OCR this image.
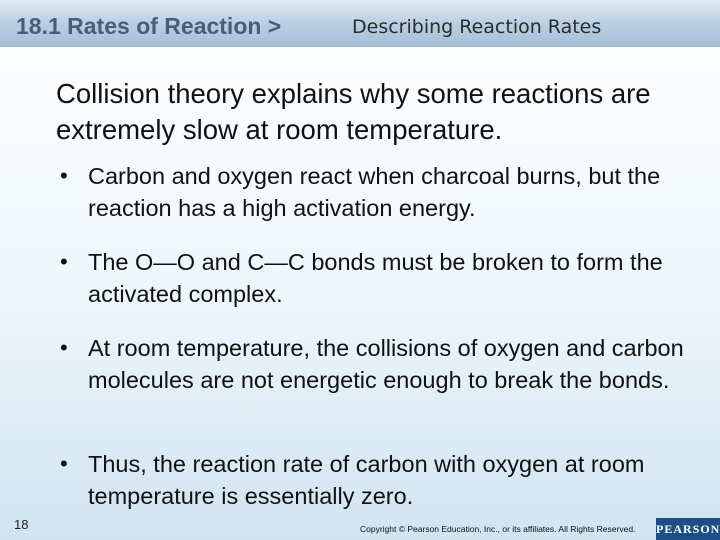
18.1 Rates of Reaction >	Describing Reaction Rates
Collision theory explains why some reactions are extremely slow at room temperature.
• Carbon and oxygen react when charcoal burns, but the reaction has a high activation energy.
• The O—O and C—C bonds must be broken to form the activated complex.
• At room temperature, the collisions of oxygen and carbon molecules are not energetic enough to break the bonds.
• Thus, the reaction rate of carbon with oxygen at room temperature is essentially zero.
18	Copyright © Pearson Education, Inc., or its affiliates. All Rights Reserved. PEARSON
